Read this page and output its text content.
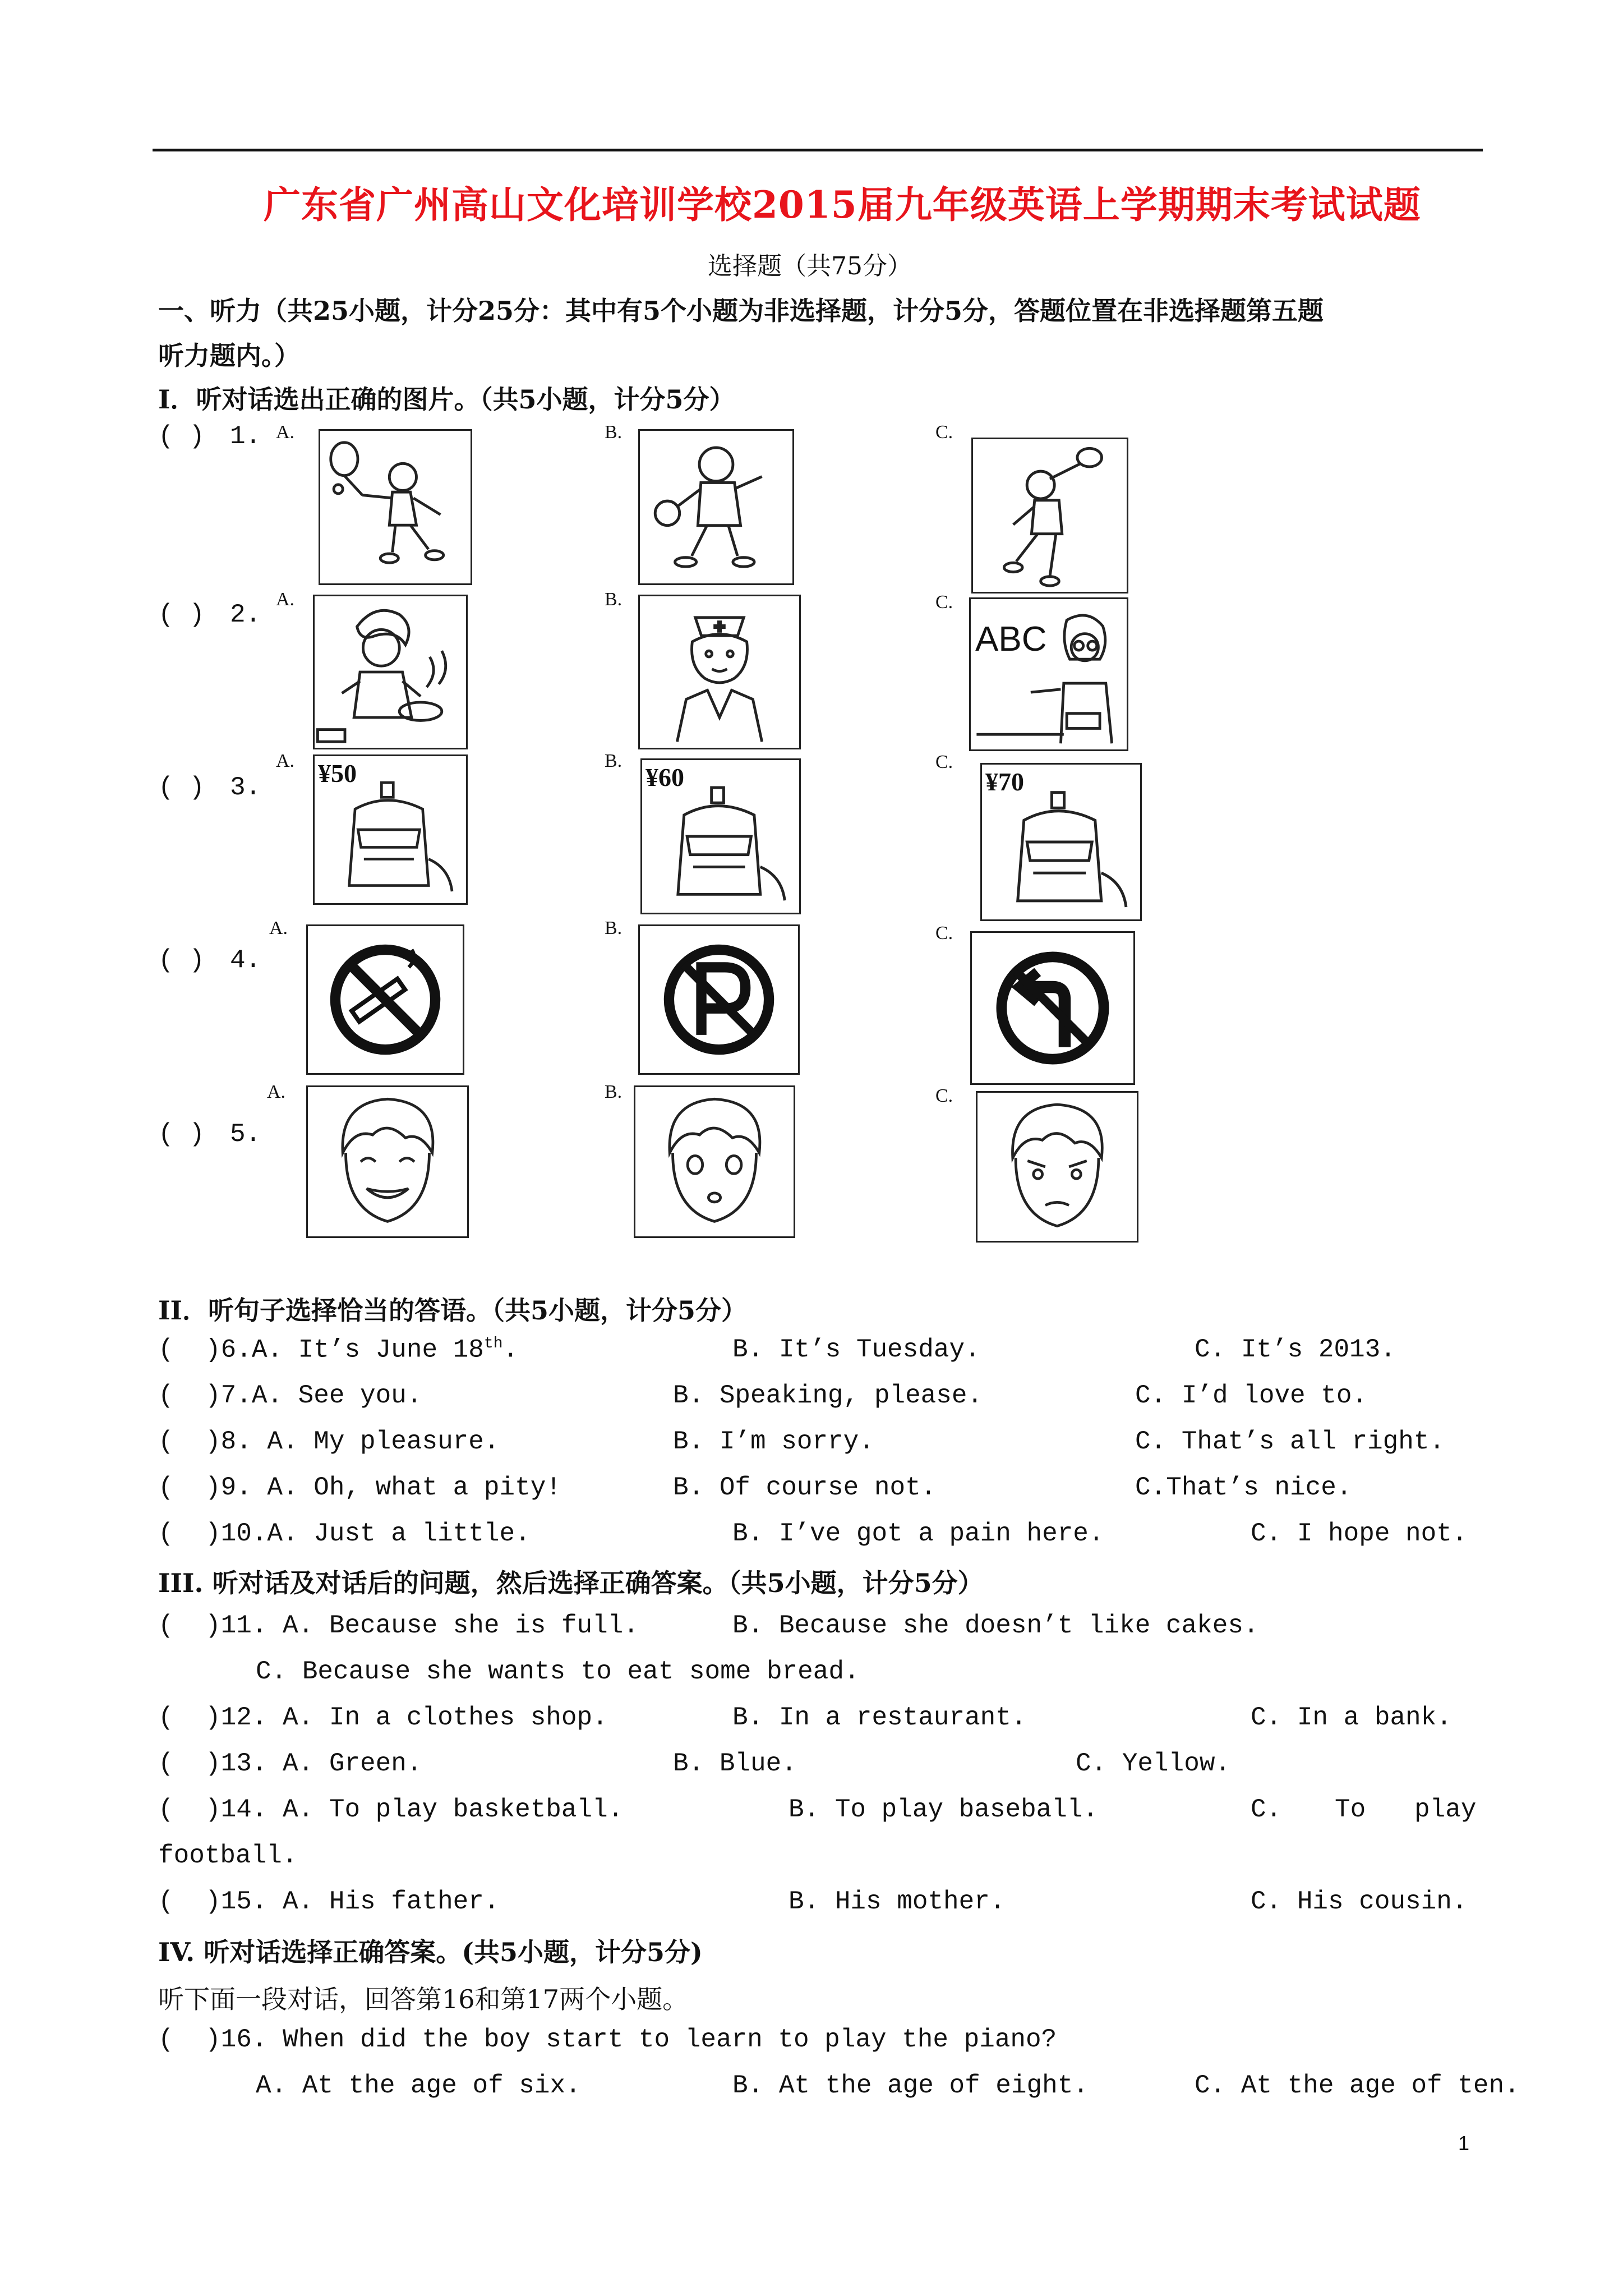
广东省广州高山文化培训学校2015届九年级英语上学期期末考试试题
选择题（共75分）
一、听力（共25小题，计分25分：其中有5个小题为非选择题，计分5分，答题位置在非选择题第五题
听力题内。）
I．听对话选出正确的图片。（共5小题，计分5分）
( ) 1. A.	B.	C.
( ) 2.
A.	B.	C.
ABC
( ) 3.
A. ¥50	B.
¥60
C.
¥70
( ) 4.
A.	B.	C.
( ) 5.
A.	B.	C.
II．听句子选择恰当的答语。（共5小题，计分5分）
(
)6.A. It’s June 18th.	B. It’s Tuesday.	C. It’s 2013.
(
)7.A. See you.	B. Speaking, please.	C. I’d love to.
(
)8. A. My pleasure.	B. I’m sorry.	C. That’s all right.
(
)9. A. Oh, what a pity!	B. Of course not.	C.That’s nice.
(
)10.A. Just a little.	B. I’ve got a pain here.	C. I hope not.
III. 听对话及对话后的问题，然后选择正确答案。（共5小题，计分5分）
(
)11. A. Because she is full.	B. Because she doesn’t like cakes.
C. Because she wants to eat some bread.
(
)12. A. In a clothes shop.	B. In a restaurant.	C. In a bank.
(
)13. A. Green.	B. Blue.	C. Yellow.
(
)14. A. To play basketball.	B. To play baseball.	C. To play
football.
(
)15. A. His father.	B. His mother.	C. His cousin.
IV. 听对话选择正确答案。(共5小题，计分5分)
听下面一段对话，回答第16和第17两个小题。
(
)16. When did the boy start to learn to play the piano?
A. At the age of six.	B. At the age of eight.	C. At the age of ten.
1
